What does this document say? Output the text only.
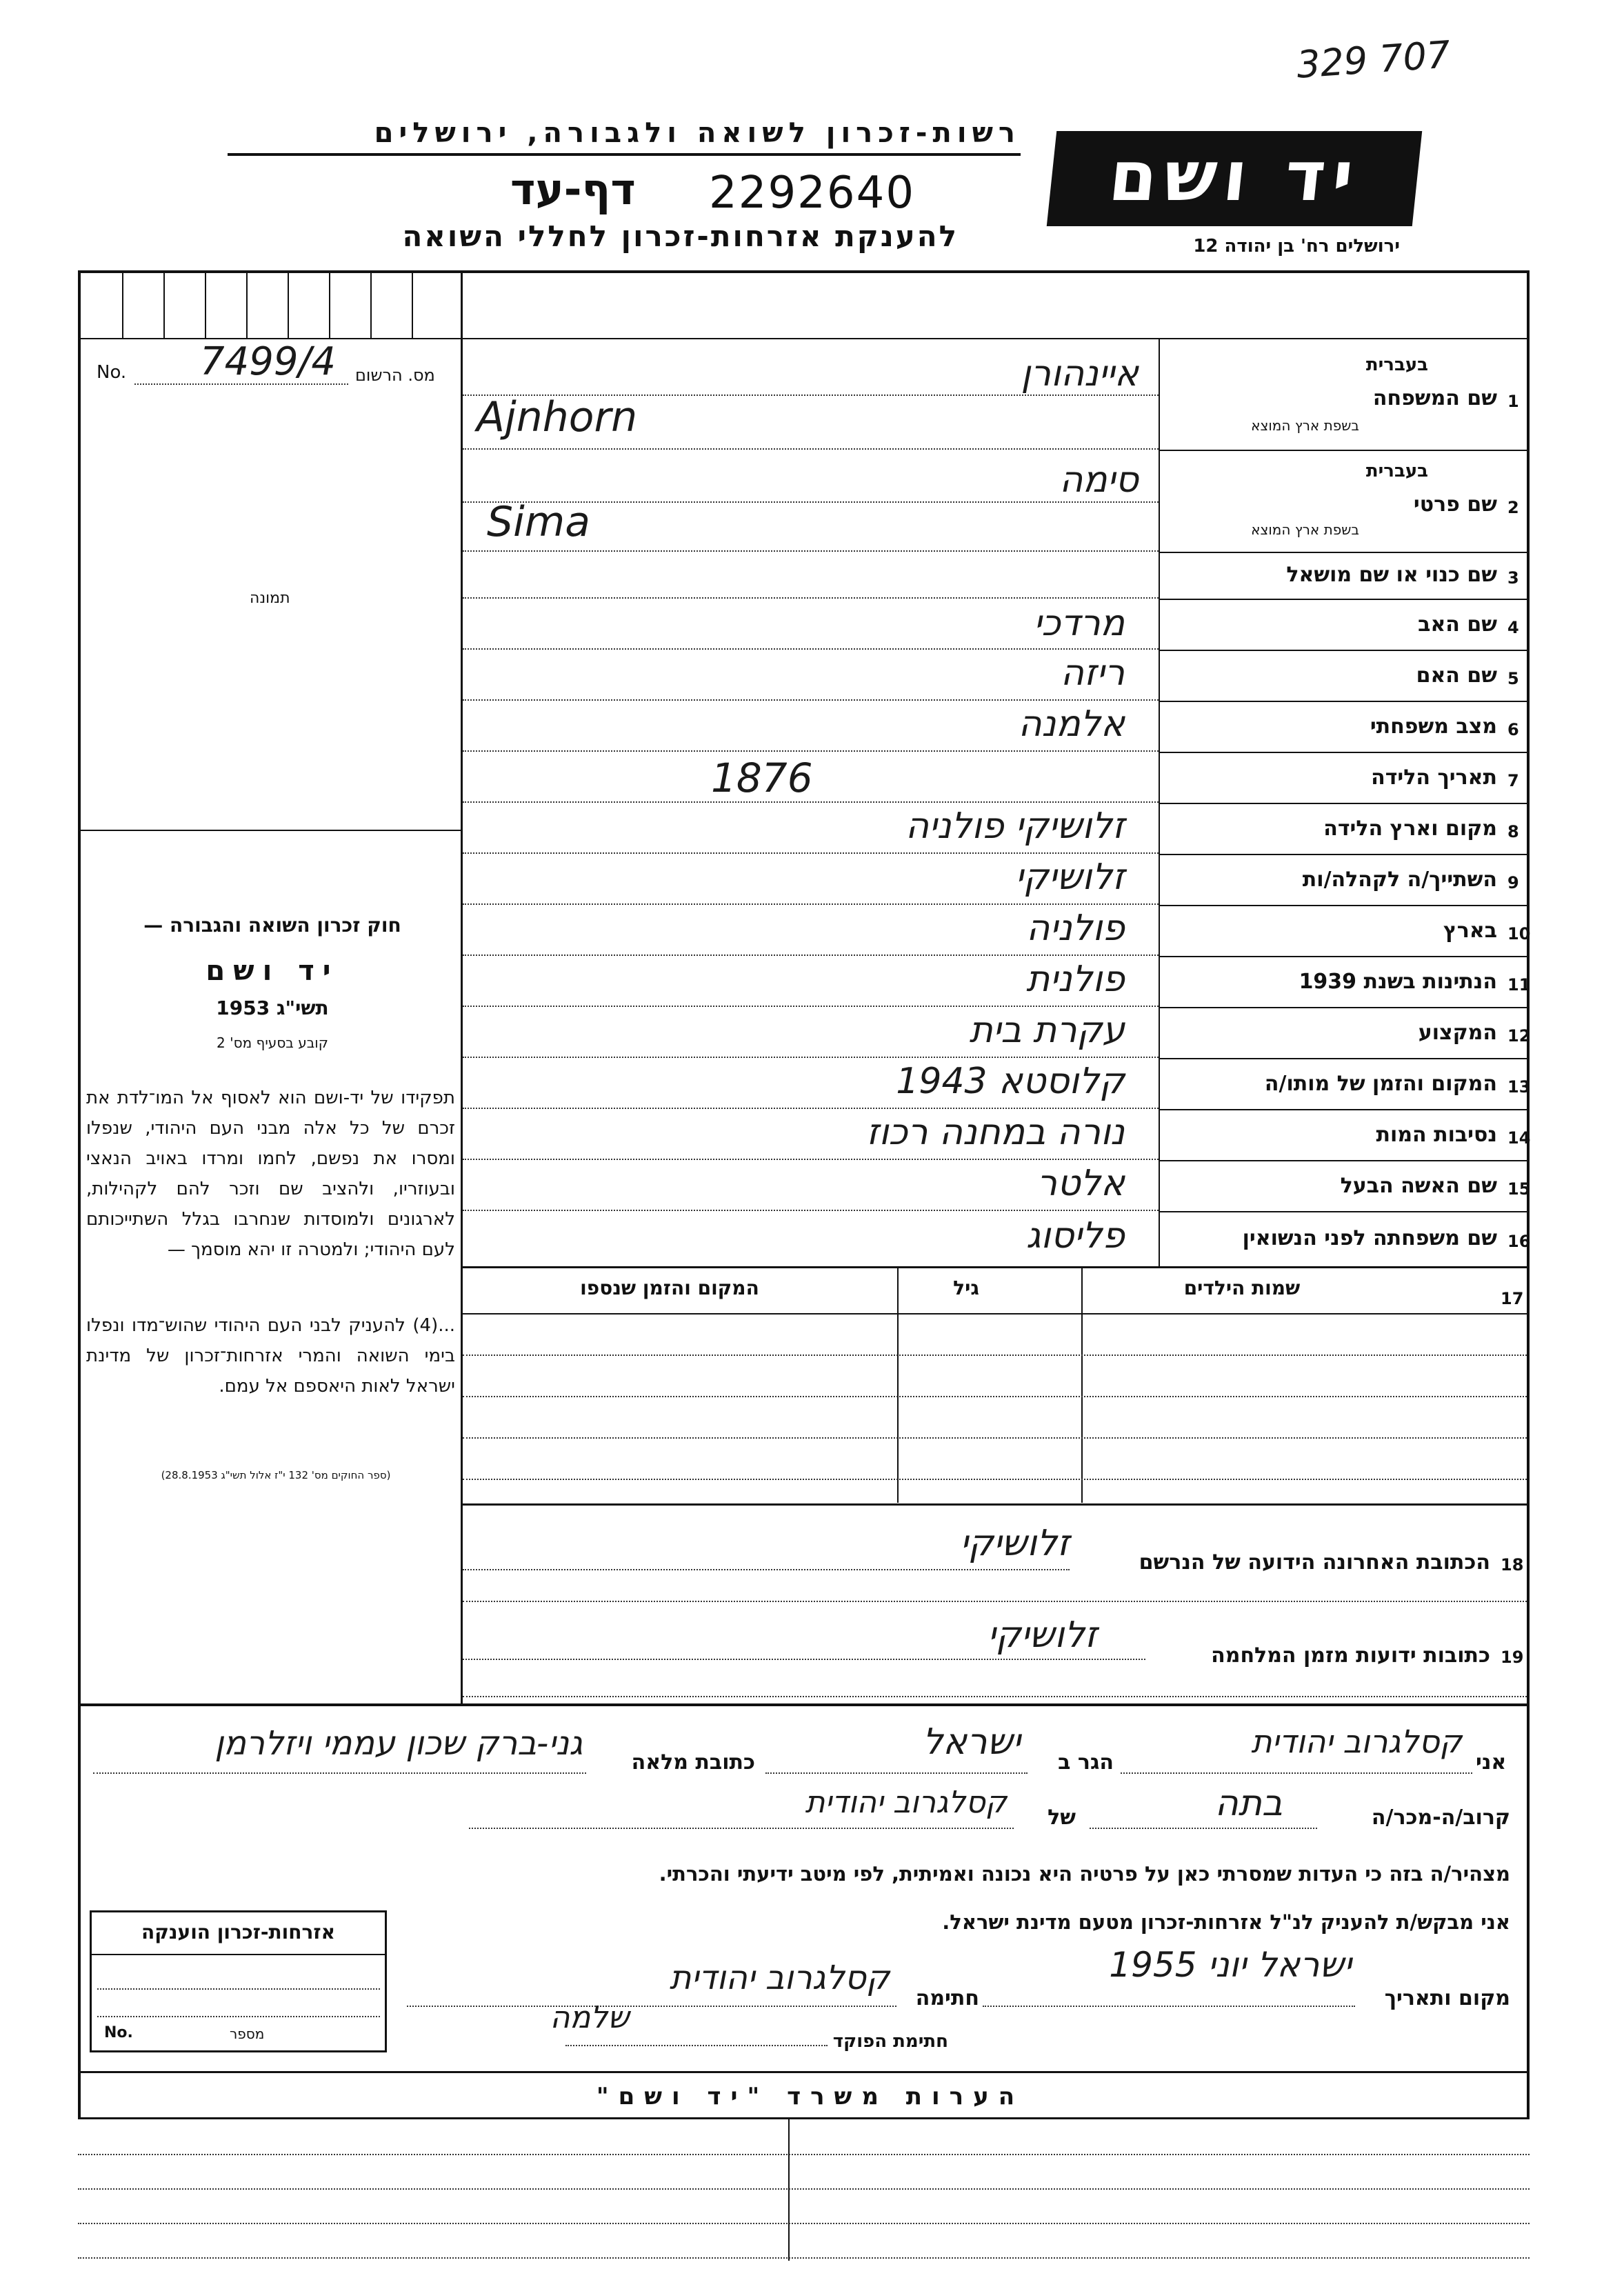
329 707
רשות-זכרון לשואה ולגבורה, ירושלים
דף-עד 2292640
להענקת אזרחות-זכרון לחללי השואה
יד ושם
ירושלים רח' בן יהודה 12
No. 7499/4 מס. הרשום
תמונה
חוק זכרון השואה והגבורה —
יד ושם
תשי"ג 1953
קובע בסעיף מס' 2
תפקידו של יד-ושם הוא לאסוף אל המו־לדת את זכרם של כל אלה מבני העם היהודי, שנפלו ומסרו את נפשם, לחמו ומרדו באויב הנאצי ובעוזריו, ולהציב שם וזכר להם לקהילות, לארגונים ולמוסדות שנחרבו בגלל השתייכותם לעם היהודי; ולמטרה זו יהא מוסמך —
...(4) להעניק לבני העם היהודי שהוש־מדו ונפלו בימי השואה והמרי אזרחות־זכרון של מדינת ישראל לאות היאספם אל עמם.
(ספר החוקים מס' 132 י"ז אלול תשי"ג 28.8.1953)
1
שם המשפחה
בעברית
בשפת ארץ המוצא
איינהורן
Ajnhorn
2
שם פרטי
בעברית
בשפת ארץ המוצא
סימה
Sima
3
שם כנוי או שם מושאל
4
שם האב
מרדכי
5
שם האם
ריזה
6
מצב משפחתי
אלמנה
7
תאריך הלידה
1876
8
מקום וארץ הלידה
זלושיקי פולניה
9
השתייך/ה לקהלה/ות
זלושיקי
10
בארץ
פולניה
11
הנתינות בשנת 1939
פולנית
12
המקצוע
עקרת בית
13
המקום והזמן של מותו/ה
קלוסטא 1943
14
נסיבות המות
נורה במחנה רכוז
15
שם האשה הבעל
אלטר
16
שם משפחתה לפני הנשואין
פליסוג
17
שמות הילדים
גיל
המקום והזמן שנספו
18
הכתובת האחרונה הידועה של הנרשם
זלושיקי
19
כתובות ידועות מזמן המלחמה
זלושיקי
אני
קסלגרוב יהודית
הגר ב
ישראל
כתובת מלאה
גני-ברק שכון עממי ויזלרמן
קרוב/ה-מכר/ה
בתה
של
קסלגרוב יהודית
מצהיר/ה בזה כי העדות שמסרתי כאן על פרטיה היא נכונה ואמיתית, לפי מיטב ידיעתי והכרתי.
אני מבקש/ת להעניק לנ"ל אזרחות-זכרון מטעם מדינת ישראל.
מקום ותאריך
ישראל יוני 1955
חתימה
קסלגרוב יהודית
שלמה
חתימת הפוקד
אזרחות-זכרון הוענקה
No.	מספר
הערות משרד "יד ושם"
